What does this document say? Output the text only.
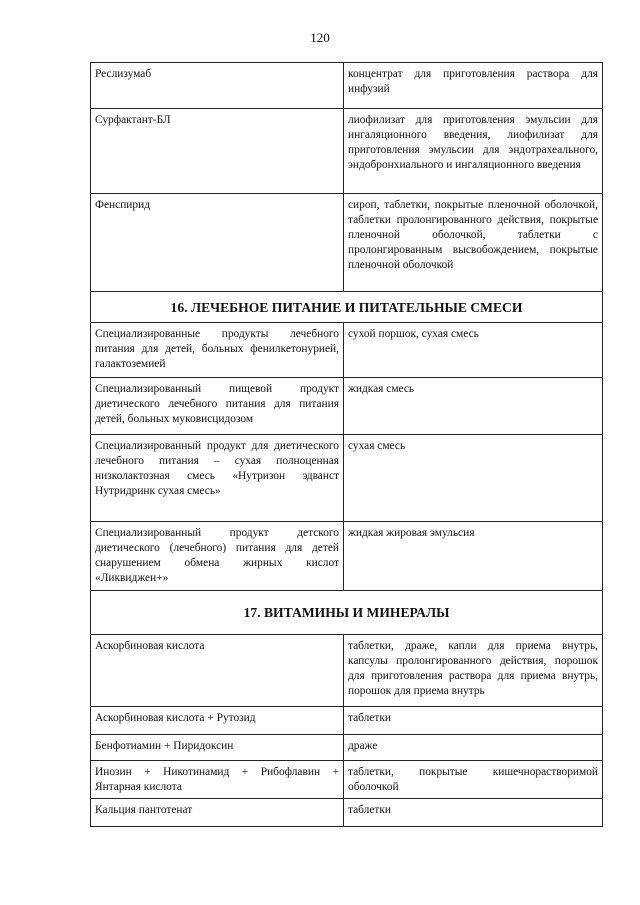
120
Реслизумаб	концентрат для приготовления раствора для инфузий
Сурфактант-БЛ	лиофилизат для приготовления эмульсии для ингаляционного введения, лиофилизат для приготовления эмульсии для эндотрахеального, эндобронхиального и ингаляционного введения
Фенспирид	сироп, таблетки, покрытые пленочной оболочкой, таблетки пролонгированного действия, покрытые пленочной оболочкой, таблетки с пролонгированным высвобождением, покрытые пленочной оболочкой
16. ЛЕЧЕБНОЕ ПИТАНИЕ И ПИТАТЕЛЬНЫЕ СМЕСИ	
Специализированные продукты лечебного питания для детей, больных фенилкетонурией, галактоземией	сухой поршок, сухая смесь
Специализированный пищевой продукт диетического лечебного питания для питания детей, больных муковисцидозом	жидкая смесь
Специализированный продукт для диетического лечебного питания – сухая полноценная низколактозная смесь «Нутризон эдванст Нутридринк сухая смесь»	сухая смесь
Специализированный продукт детского диетического (лечебного) питания для детей снарушением обмена жирных кислот «Ликвиджен+»	жидкая жировая эмульсия
17. ВИТАМИНЫ И МИНЕРАЛЫ	
Аскорбиновая кислота	таблетки, драже, капли для приема внутрь, капсулы пролонгированного действия, порошок для приготовления раствора для приема внутрь, порошок для приема внутрь
Аскорбиновая кислота + Рутозид	таблетки
Бенфотиамин + Пиридоксин	драже
Инозин + Никотинамид + Рибофлавин + Янтарная кислота	таблетки, покрытые кишечнорастворимой оболочкой
Кальция пантотенат	таблетки
